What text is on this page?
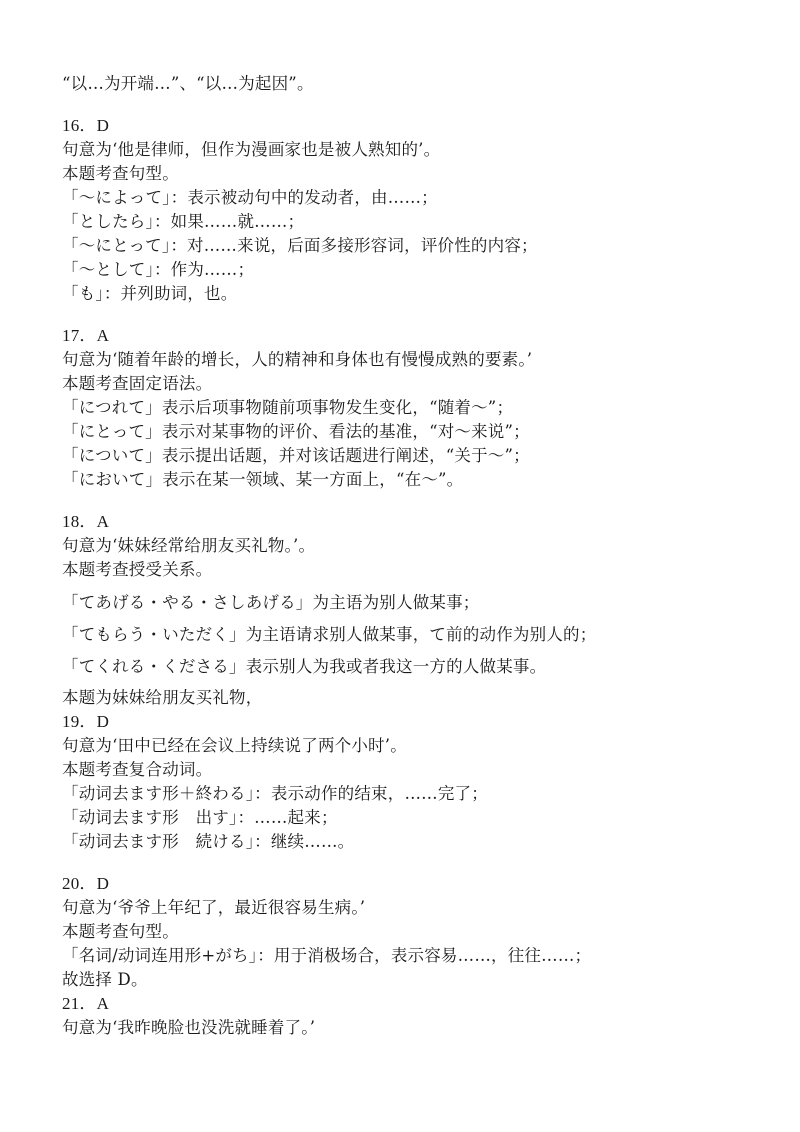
“以…为开端…”、“以…为起因”。
16．D
句意为‘他是律师，但作为漫画家也是被人熟知的’。
本题考查句型。
「～によって」：表示被动句中的发动者，由……；
「としたら」：如果……就……；
「～にとって」：对……来说，后面多接形容词，评价性的内容；
「～として」：作为……；
「も」：并列助词，也。
17．A
句意为‘随着年龄的增长，人的精神和身体也有慢慢成熟的要素。’
本题考查固定语法。
「につれて」表示后项事物随前项事物发生变化，“随着～”；
「にとって」表示对某事物的评价、看法的基准，“对～来说”；
「について」表示提出话题，并对该话题进行阐述，“关于～”；
「において」表示在某一领域、某一方面上，“在～”。
18．A
句意为‘妹妹经常给朋友买礼物。’。
本题考查授受关系。
「てあげる・やる・さしあげる」为主语为别人做某事；
「てもらう・いただく」为主语请求别人做某事，て前的动作为别人的；
「てくれる・くださる」表示别人为我或者我这一方的人做某事。
本题为妹妹给朋友买礼物，
19．D
句意为‘田中已经在会议上持续说了两个小时’。
本题考查复合动词。
「动词去ます形＋終わる」：表示动作的结束，……完了；
「动词去ます形　出す」：……起来；
「动词去ます形　続ける」：继续……。
20．D
句意为‘爷爷上年纪了，最近很容易生病。’
本题考查句型。
「名词/动词连用形+がち」：用于消极场合，表示容易……，往往……；
故选择 D。
21．A
句意为‘我昨晚脸也没洗就睡着了。’
